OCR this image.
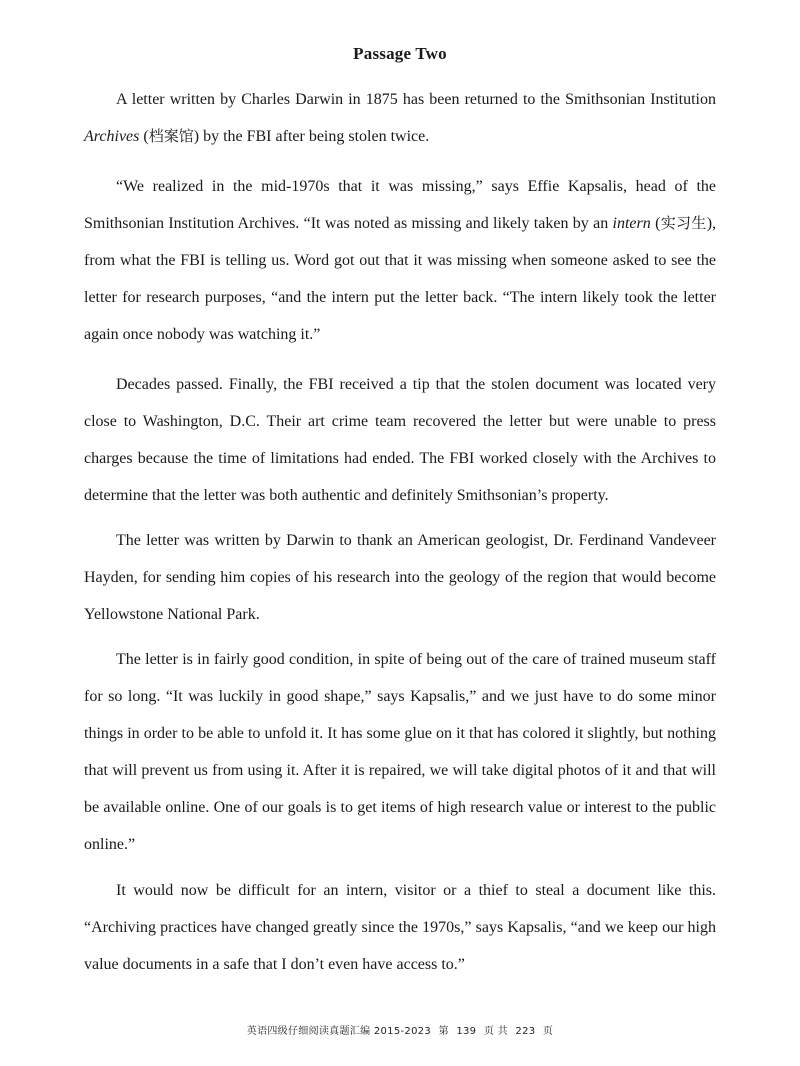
Passage Two

A letter written by Charles Darwin in 1875 has been returned to the Smithsonian Institution Archives (档案馆) by the FBI after being stolen twice.

“We realized in the mid-1970s that it was missing,” says Effie Kapsalis, head of the Smithsonian Institution Archives. “It was noted as missing and likely taken by an intern (实习生), from what the FBI is telling us. Word got out that it was missing when someone asked to see the letter for research purposes, “and the intern put the letter back. “The intern likely took the letter again once nobody was watching it.”

Decades passed. Finally, the FBI received a tip that the stolen document was located very close to Washington, D.C. Their art crime team recovered the letter but were unable to press charges because the time of limitations had ended. The FBI worked closely with the Archives to determine that the letter was both authentic and definitely Smithsonian’s property.

The letter was written by Darwin to thank an American geologist, Dr. Ferdinand Vandeveer Hayden, for sending him copies of his research into the geology of the region that would become Yellowstone National Park.

The letter is in fairly good condition, in spite of being out of the care of trained museum staff for so long. “It was luckily in good shape,” says Kapsalis,” and we just have to do some minor things in order to be able to unfold it. It has some glue on it that has colored it slightly, but nothing that will prevent us from using it. After it is repaired, we will take digital photos of it and that will be available online. One of our goals is to get items of high research value or interest to the public online.”

It would now be difficult for an intern, visitor or a thief to steal a document like this. “Archiving practices have changed greatly since the 1970s,” says Kapsalis, “and we keep our high value documents in a safe that I don’t even have access to.”

英语四级仔细阅读真题汇编 2015-2023 第 139 页 共 223 页
